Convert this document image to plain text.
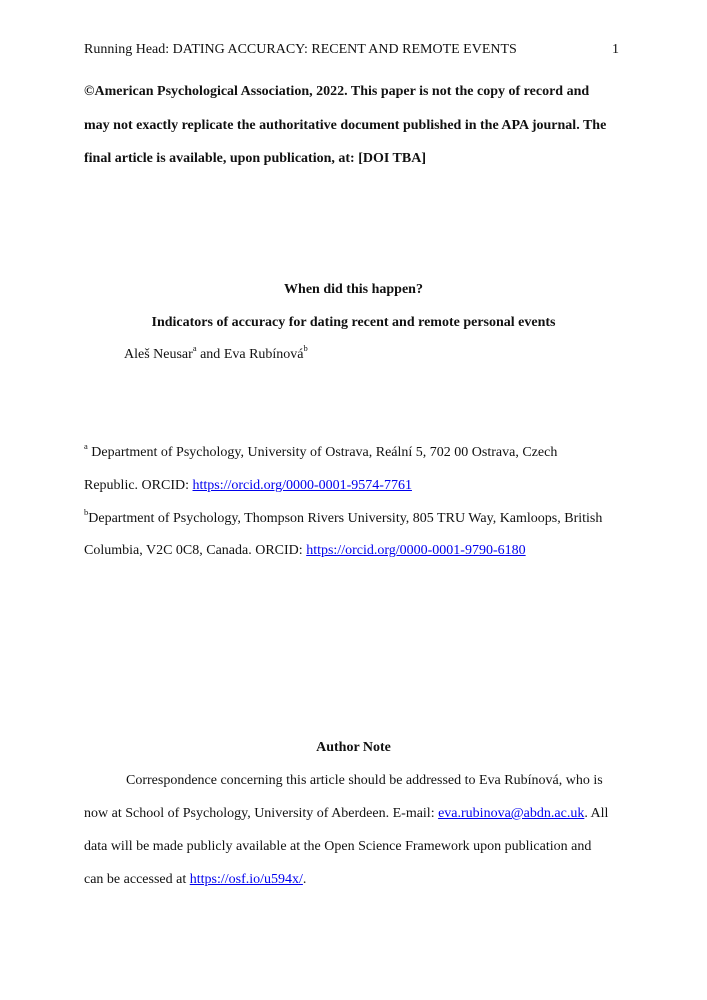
Running Head: DATING ACCURACY: RECENT AND REMOTE EVENTS	1
©American Psychological Association, 2022. This paper is not the copy of record and
may not exactly replicate the authoritative document published in the APA journal. The
final article is available, upon publication, at: [DOI TBA]
When did this happen?
Indicators of accuracy for dating recent and remote personal events
Aleš Neusar$^a$ and Eva Rubínová$^b$
$^a$ Department of Psychology, University of Ostrava, Reální 5, 702 00 Ostrava, Czech
Republic. ORCID: https://orcid.org/0000-0001-9574-7761
$^b$Department of Psychology, Thompson Rivers University, 805 TRU Way, Kamloops, British
Columbia, V2C 0C8, Canada. ORCID: https://orcid.org/0000-0001-9790-6180
Author Note
Correspondence concerning this article should be addressed to Eva Rubínová, who is
now at School of Psychology, University of Aberdeen. E-mail: eva.rubinova@abdn.ac.uk. All
data will be made publicly available at the Open Science Framework upon publication and
can be accessed at https://osf.io/u594x/.
